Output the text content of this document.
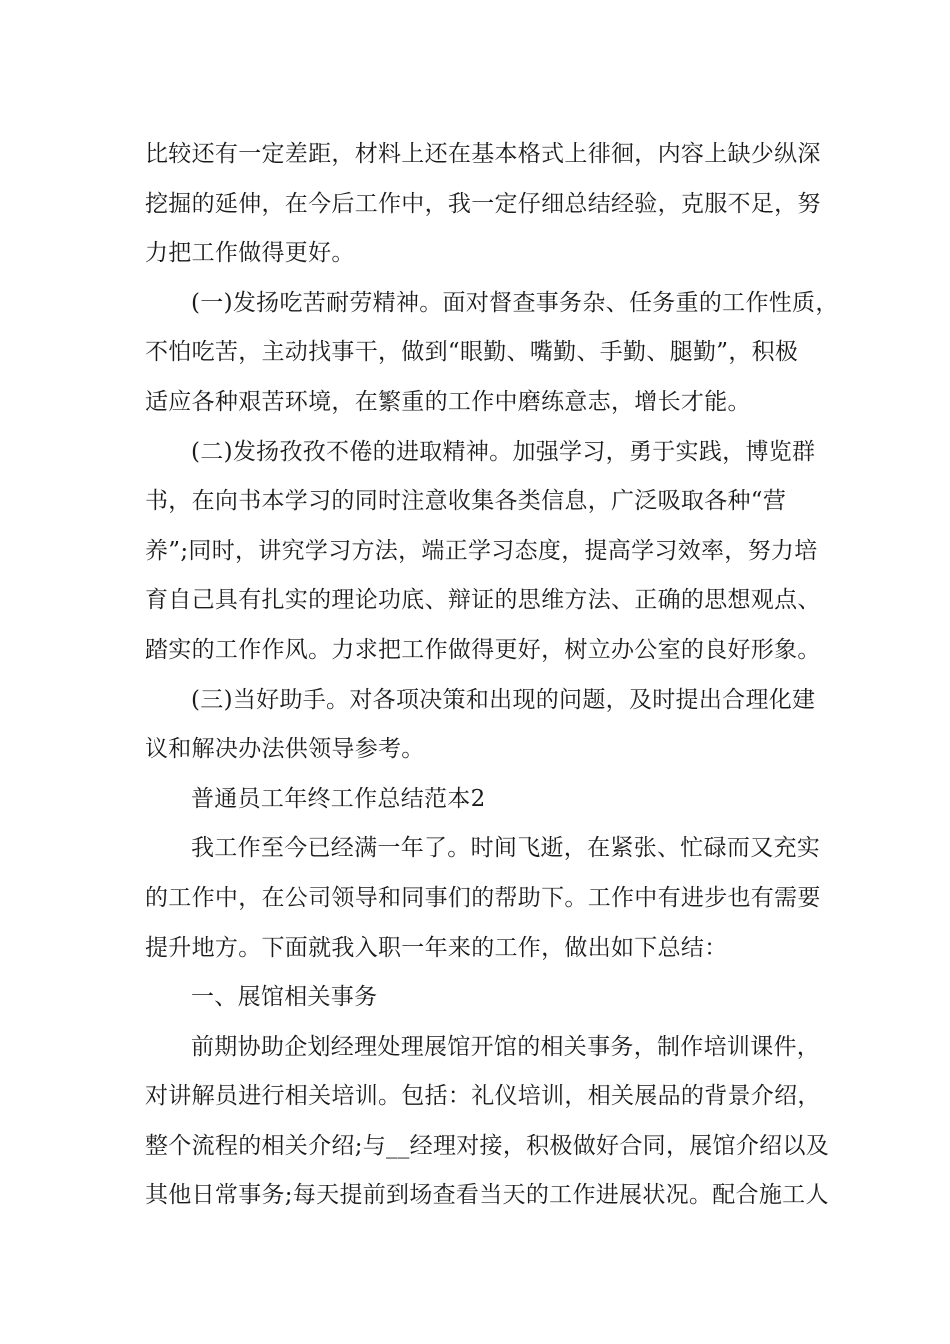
比较还有一定差距，材料上还在基本格式上徘徊，内容上缺少纵深
挖掘的延伸，在今后工作中，我一定仔细总结经验，克服不足，努
力把工作做得更好。

(一)发扬吃苦耐劳精神。面对督查事务杂、任务重的工作性质，
不怕吃苦，主动找事干，做到“眼勤、嘴勤、手勤、腿勤”，积极
适应各种艰苦环境，在繁重的工作中磨练意志，增长才能。

(二)发扬孜孜不倦的进取精神。加强学习，勇于实践，博览群
书，在向书本学习的同时注意收集各类信息，广泛吸取各种“营
养”;同时，讲究学习方法，端正学习态度，提高学习效率，努力培
育自己具有扎实的理论功底、辩证的思维方法、正确的思想观点、
踏实的工作作风。力求把工作做得更好，树立办公室的良好形象。

(三)当好助手。对各项决策和出现的问题，及时提出合理化建
议和解决办法供领导参考。

普通员工年终工作总结范本2

我工作至今已经满一年了。时间飞逝，在紧张、忙碌而又充实
的工作中，在公司领导和同事们的帮助下。工作中有进步也有需要
提升地方。下面就我入职一年来的工作，做出如下总结：

一、展馆相关事务

前期协助企划经理处理展馆开馆的相关事务，制作培训课件，
对讲解员进行相关培训。包括：礼仪培训，相关展品的背景介绍，
整个流程的相关介绍;与__经理对接，积极做好合同，展馆介绍以及
其他日常事务;每天提前到场查看当天的工作进展状况。配合施工人
